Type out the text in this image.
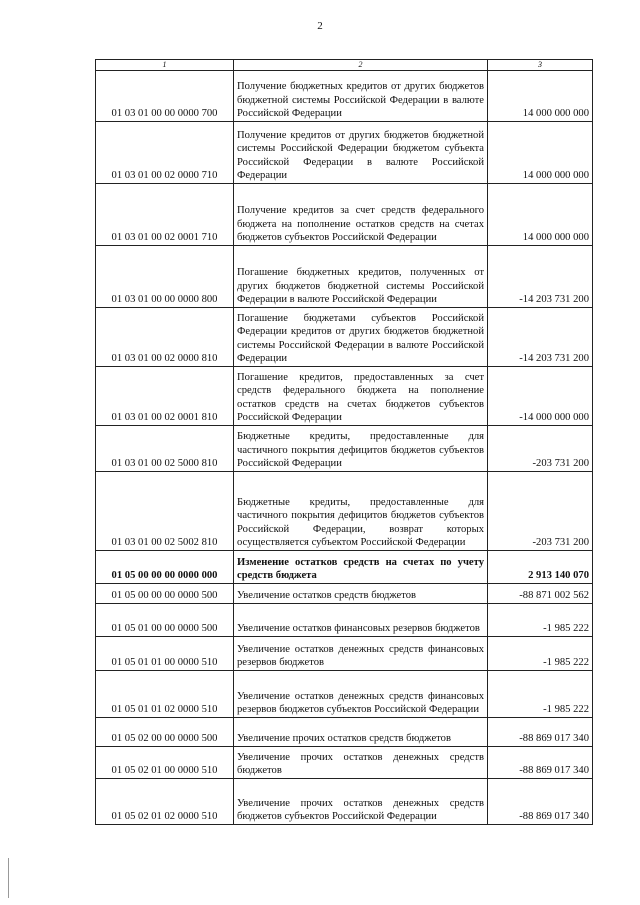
2
1	2	3
01 03 01 00 00 0000 700	Получение бюджетных кредитов от других бюджетов бюджетной системы Российской Федерации в валюте Российской Федерации	14 000 000 000
01 03 01 00 02 0000 710	Получение кредитов от других бюджетов бюджетной системы Российской Федерации бюджетом субъекта Российской Федерации в валюте Российской Федерации	14 000 000 000
01 03 01 00 02 0001 710	Получение кредитов за счет средств федерального бюджета на пополнение остатков средств на счетах бюджетов субъектов Российской Федерации	14 000 000 000
01 03 01 00 00 0000 800	Погашение бюджетных кредитов, полученных от других бюджетов бюджетной системы Российской Федерации в валюте Российской Федерации	-14 203 731 200
01 03 01 00 02 0000 810	Погашение бюджетами субъектов Российской Федерации кредитов от других бюджетов бюджетной системы Российской Федерации в валюте Российской Федерации	-14 203 731 200
01 03 01 00 02 0001 810	Погашение кредитов, предоставленных за счет средств федерального бюджета на пополнение остатков средств на счетах бюджетов субъектов Российской Федерации	-14 000 000 000
01 03 01 00 02 5000 810	Бюджетные кредиты, предоставленные для частичного покрытия дефицитов бюджетов субъектов Российской Федерации	-203 731 200
01 03 01 00 02 5002 810	Бюджетные кредиты, предоставленные для частичного покрытия дефицитов бюджетов субъектов Российской Федерации, возврат которых осуществляется субъектом Российской Федерации	-203 731 200
01 05 00 00 00 0000 000	Изменение остатков средств на счетах по учету средств бюджета	2 913 140 070
01 05 00 00 00 0000 500	Увеличение остатков средств бюджетов	-88 871 002 562
01 05 01 00 00 0000 500	Увеличение остатков финансовых резервов бюджетов	-1 985 222
01 05 01 01 00 0000 510	Увеличение остатков денежных средств финансовых резервов бюджетов	-1 985 222
01 05 01 01 02 0000 510	Увеличение остатков денежных средств финансовых резервов бюджетов субъектов Российской Федерации	-1 985 222
01 05 02 00 00 0000 500	Увеличение прочих остатков средств бюджетов	-88 869 017 340
01 05 02 01 00 0000 510	Увеличение прочих остатков денежных средств бюджетов	-88 869 017 340
01 05 02 01 02 0000 510	Увеличение прочих остатков денежных средств бюджетов субъектов Российской Федерации	-88 869 017 340
